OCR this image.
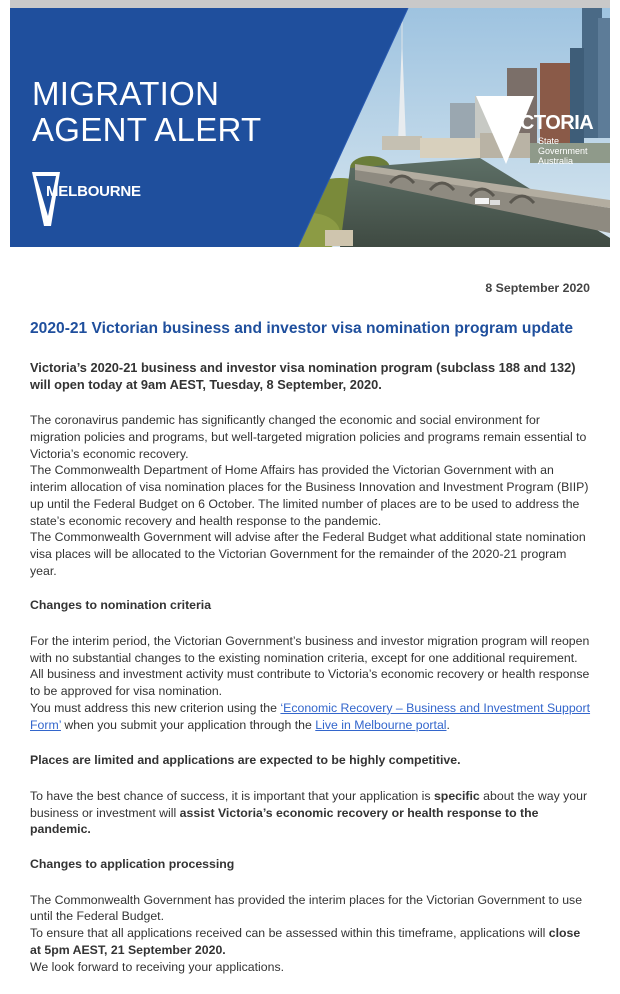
MIGRATION
AGENT ALERT
MELBOURNE
VICTORIA
State
Government
Australia
8 September 2020
2020-21 Victorian business and investor visa nomination program update

Victoria’s 2020-21 business and investor visa nomination program (subclass 188 and 132) will open today at 9am AEST, Tuesday, 8 September, 2020.

The coronavirus pandemic has significantly changed the economic and social environment for migration policies and programs, but well-targeted migration policies and programs remain essential to Victoria’s economic recovery.

The Commonwealth Department of Home Affairs has provided the Victorian Government with an interim allocation of visa nomination places for the Business Innovation and Investment Program (BIIP) up until the Federal Budget on 6 October. The limited number of places are to be used to address the state’s economic recovery and health response to the pandemic.

The Commonwealth Government will advise after the Federal Budget what additional state nomination visa places will be allocated to the Victorian Government for the remainder of the 2020-21 program year.

Changes to nomination criteria

For the interim period, the Victorian Government’s business and investor migration program will reopen with no substantial changes to the existing nomination criteria, except for one additional requirement. All business and investment activity must contribute to Victoria’s economic recovery or health response to be approved for visa nomination.

You must address this new criterion using the ‘Economic Recovery – Business and Investment Support Form’ when you submit your application through the Live in Melbourne portal.

Places are limited and applications are expected to be highly competitive.

To have the best chance of success, it is important that your application is specific about the way your business or investment will assist Victoria’s economic recovery or health response to the pandemic.

Changes to application processing

The Commonwealth Government has provided the interim places for the Victorian Government to use until the Federal Budget.

To ensure that all applications received can be assessed within this timeframe, applications will close at 5pm AEST, 21 September 2020.

We look forward to receiving your applications.
